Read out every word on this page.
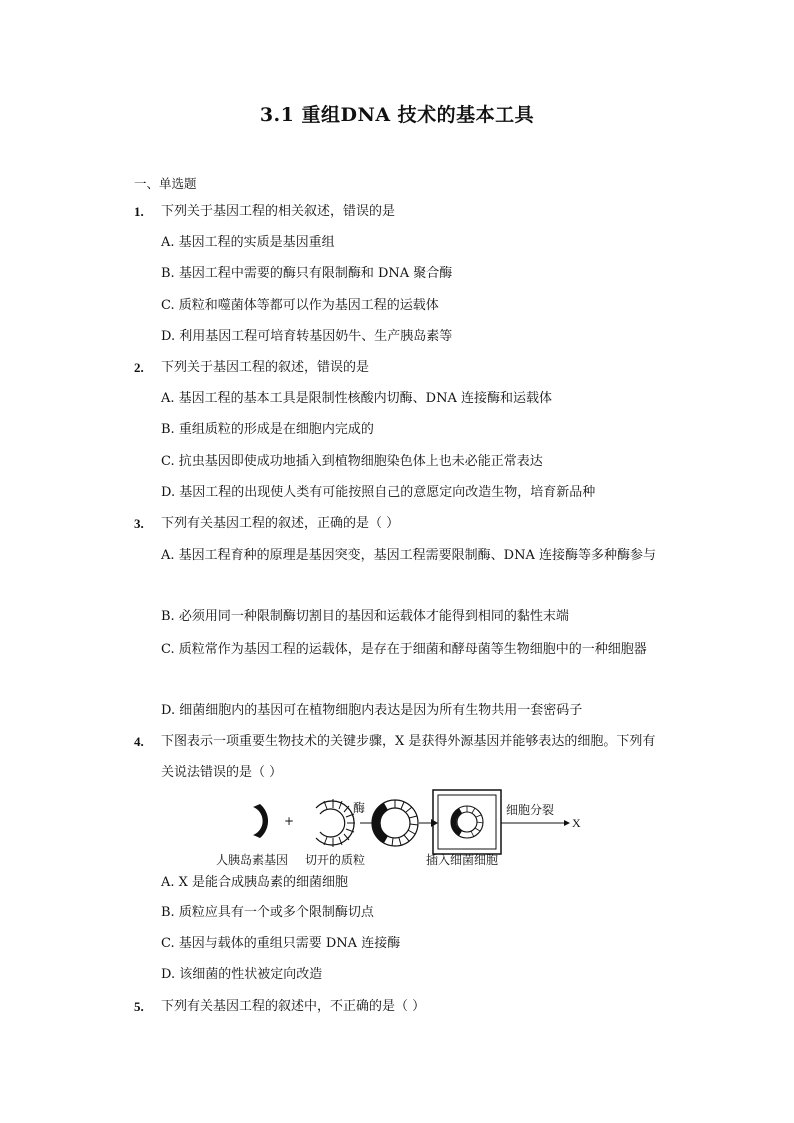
3.1 重组DNA 技术的基本工具
一、单选题
1. 下列关于基因工程的相关叙述，错误的是
A. 基因工程的实质是基因重组
B. 基因工程中需要的酶只有限制酶和 DNA 聚合酶
C. 质粒和噬菌体等都可以作为基因工程的运载体
D. 利用基因工程可培育转基因奶牛、生产胰岛素等
2. 下列关于基因工程的叙述，错误的是
A. 基因工程的基本工具是限制性核酸内切酶、DNA 连接酶和运载体
B. 重组质粒的形成是在细胞内完成的
C. 抗虫基因即使成功地插入到植物细胞染色体上也未必能正常表达
D. 基因工程的出现使人类有可能按照自己的意愿定向改造生物，培育新品种
3. 下列有关基因工程的叙述，正确的是（ ）
A. 基因工程育种的原理是基因突变，基因工程需要限制酶、DNA 连接酶等多种酶参与
B. 必须用同一种限制酶切割目的基因和运载体才能得到相同的黏性末端
C. 质粒常作为基因工程的运载体，是存在于细菌和酵母菌等生物细胞中的一种细胞器
D. 细菌细胞内的基因可在植物细胞内表达是因为所有生物共用一套密码子
4. 下图表示一项重要生物技术的关键步骤，X 是获得外源基因并能够表达的细胞。下列有关说法错误的是（ ）
+
酶	细胞分裂
X
人胰岛素基因 切开的质粒	插入细菌细胞
A. X 是能合成胰岛素的细菌细胞
B. 质粒应具有一个或多个限制酶切点
C. 基因与载体的重组只需要 DNA 连接酶
D. 该细菌的性状被定向改造
5. 下列有关基因工程的叙述中，不正确的是（ ）
